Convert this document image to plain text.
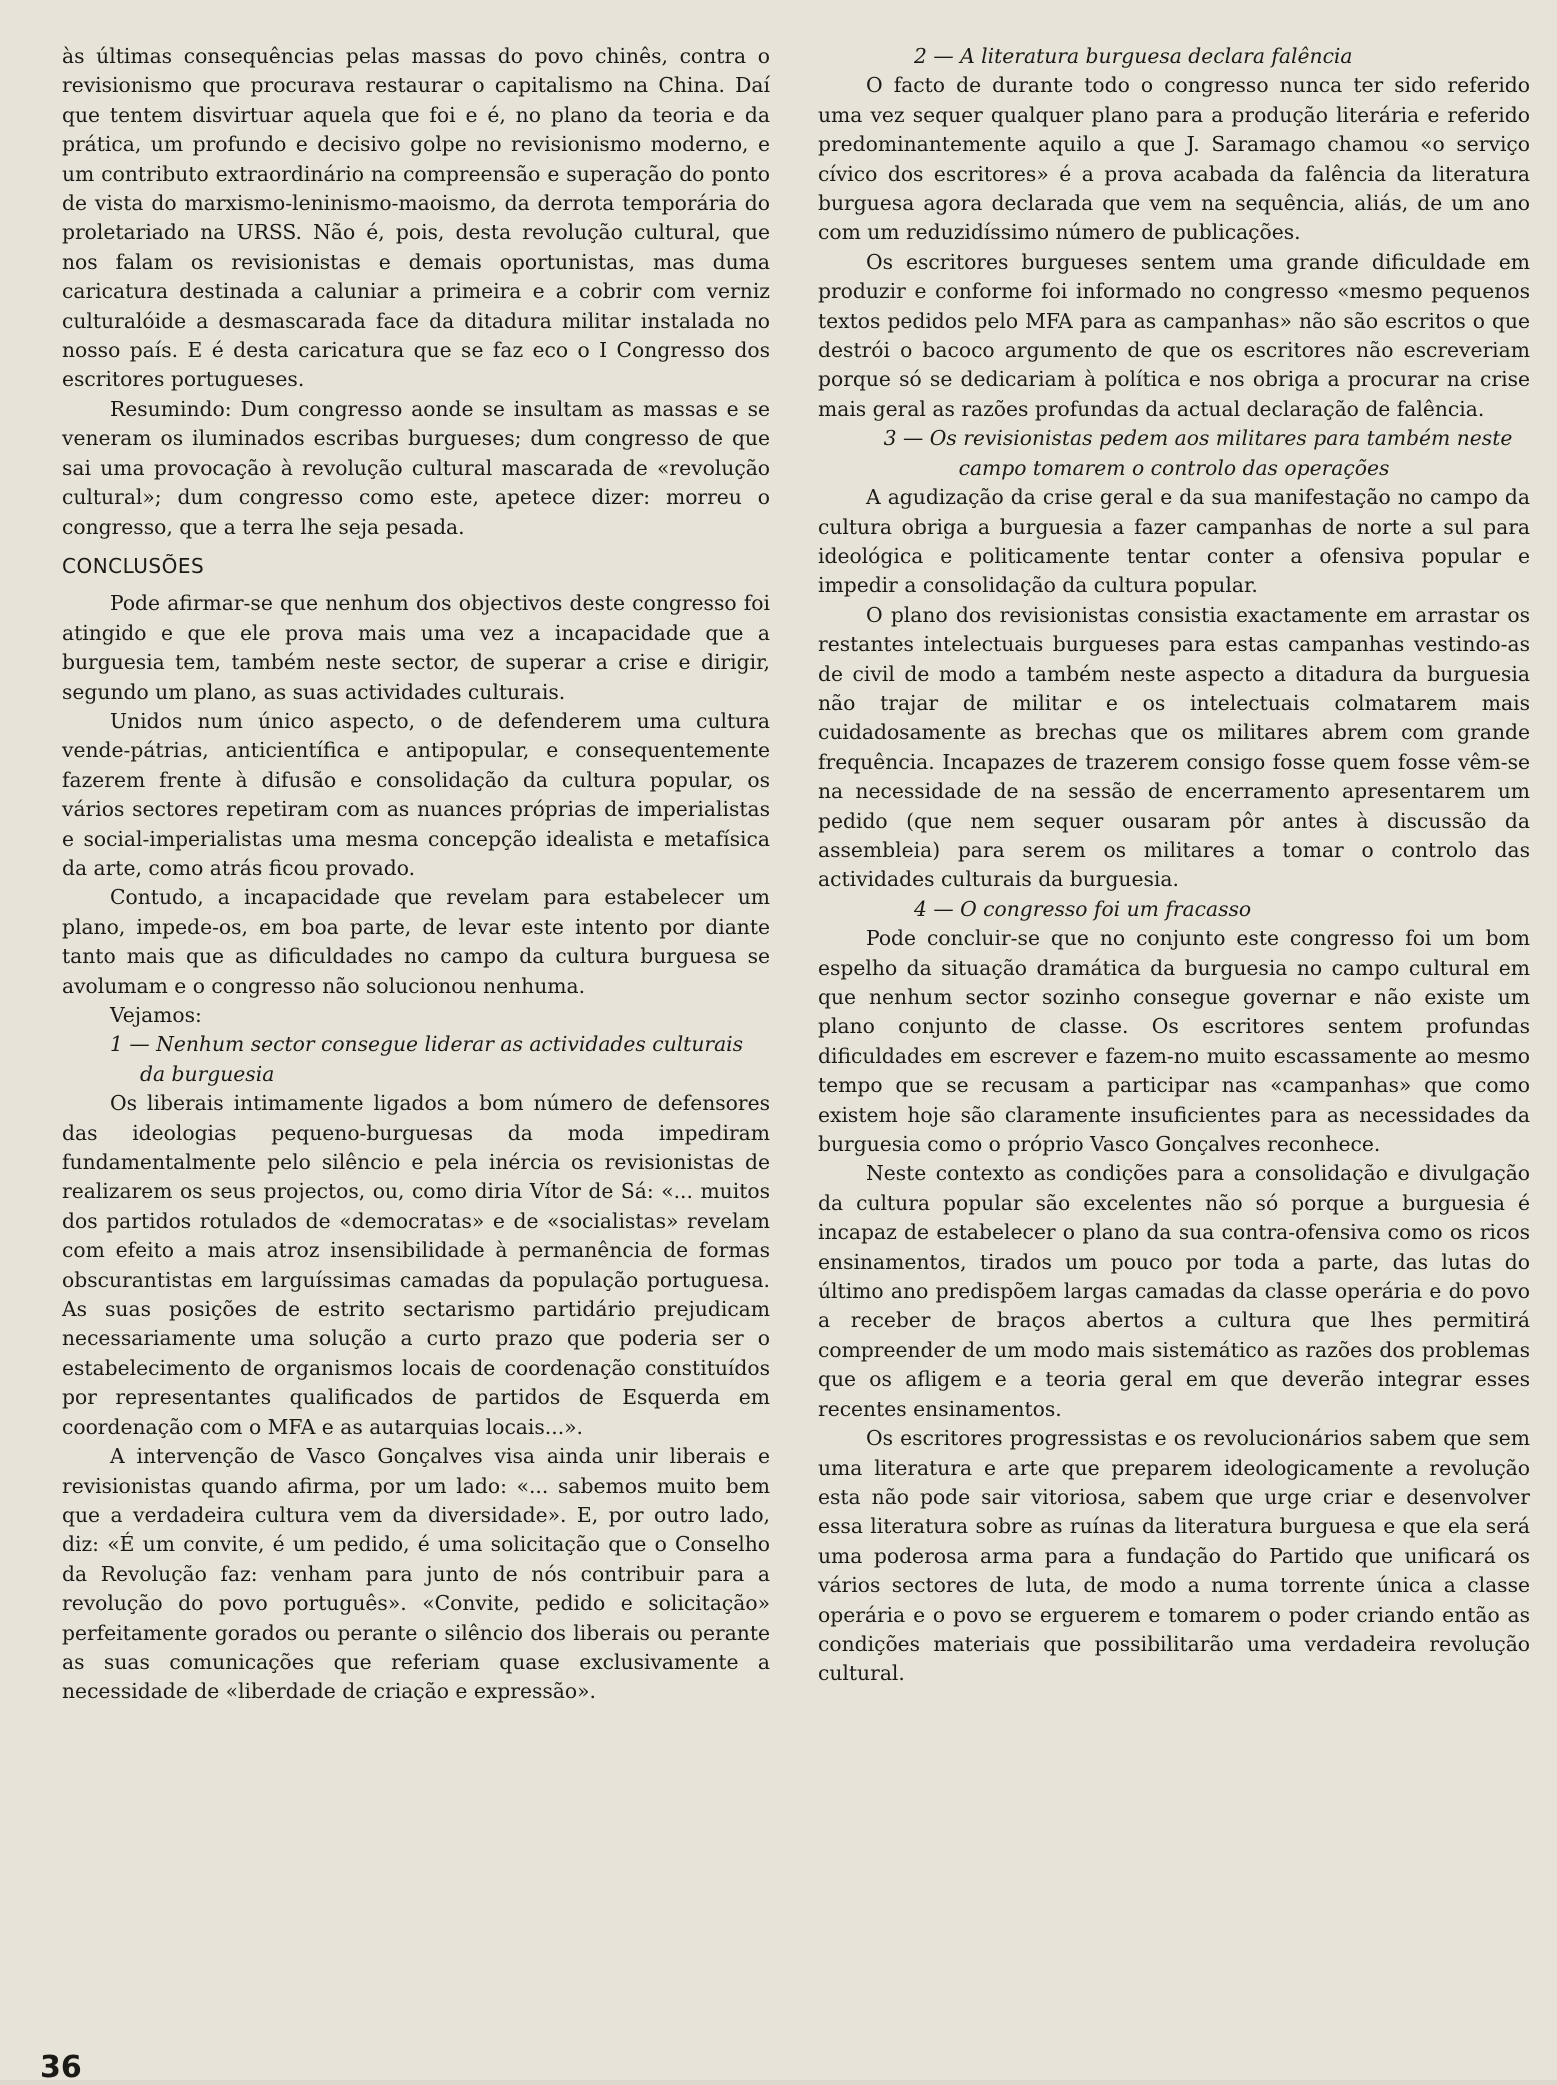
às últimas consequências pelas massas do povo chinês, contra o revisionismo que procurava restaurar o capitalismo na China. Daí que tentem disvirtuar aquela que foi e é, no plano da teoria e da prática, um profundo e decisivo golpe no revisionismo moderno, e um contributo extraordinário na compreensão e superação do ponto de vista do marxismo-leninismo-maoismo, da derrota temporária do proletariado na URSS. Não é, pois, desta revolução cultural, que nos falam os revisionistas e demais oportunistas, mas duma caricatura destinada a caluniar a primeira e a cobrir com verniz culturalóide a desmascarada face da ditadura militar instalada no nosso país. E é desta caricatura que se faz eco o I Congresso dos escritores portugueses.

Resumindo: Dum congresso aonde se insultam as massas e se veneram os iluminados escribas burgueses; dum congresso de que sai uma provocação à revolução cultural mascarada de «revolução cultural»; dum congresso como este, apetece dizer: morreu o congresso, que a terra lhe seja pesada.

CONCLUSÕES

Pode afirmar-se que nenhum dos objectivos deste congresso foi atingido e que ele prova mais uma vez a incapacidade que a burguesia tem, também neste sector, de superar a crise e dirigir, segundo um plano, as suas actividades culturais.

Unidos num único aspecto, o de defenderem uma cultura vende-pátrias, anticientífica e antipopular, e consequentemente fazerem frente à difusão e consolidação da cultura popular, os vários sectores repetiram com as nuances próprias de imperialistas e social-imperialistas uma mesma concepção idealista e metafísica da arte, como atrás ficou provado.

Contudo, a incapacidade que revelam para estabelecer um plano, impede-os, em boa parte, de levar este intento por diante tanto mais que as dificuldades no campo da cultura burguesa se avolumam e o congresso não solucionou nenhuma.

Vejamos:

1 — Nenhum sector consegue liderar as actividades culturais da burguesia

Os liberais intimamente ligados a bom número de defensores das ideologias pequeno-burguesas da moda impediram fundamentalmente pelo silêncio e pela inércia os revisionistas de realizarem os seus projectos, ou, como diria Vítor de Sá: «... muitos dos partidos rotulados de «democratas» e de «socialistas» revelam com efeito a mais atroz insensibilidade à permanência de formas obscurantistas em larguíssimas camadas da população portuguesa. As suas posições de estrito sectarismo partidário prejudicam necessariamente uma solução a curto prazo que poderia ser o estabelecimento de organismos locais de coordenação constituídos por representantes qualificados de partidos de Esquerda em coordenação com o MFA e as autarquias locais...».

A intervenção de Vasco Gonçalves visa ainda unir liberais e revisionistas quando afirma, por um lado: «... sabemos muito bem que a verdadeira cultura vem da diversidade». E, por outro lado, diz: «É um convite, é um pedido, é uma solicitação que o Conselho da Revolução faz: venham para junto de nós contribuir para a revolução do povo português». «Convite, pedido e solicitação» perfeitamente gorados ou perante o silêncio dos liberais ou perante as suas comunicações que referiam quase exclusivamente a necessidade de «liberdade de criação e expressão».

2 — A literatura burguesa declara falência

O facto de durante todo o congresso nunca ter sido referido uma vez sequer qualquer plano para a produção literária e referido predominantemente aquilo a que J. Saramago chamou «o serviço cívico dos escritores» é a prova acabada da falência da literatura burguesa agora declarada que vem na sequência, aliás, de um ano com um reduzidíssimo número de publicações.

Os escritores burgueses sentem uma grande dificuldade em produzir e conforme foi informado no congresso «mesmo pequenos textos pedidos pelo MFA para as campanhas» não são escritos o que destrói o bacoco argumento de que os escritores não escreveriam porque só se dedicariam à política e nos obriga a procurar na crise mais geral as razões profundas da actual declaração de falência.

3 — Os revisionistas pedem aos militares para também neste campo tomarem o controlo das operações

A agudização da crise geral e da sua manifestação no campo da cultura obriga a burguesia a fazer campanhas de norte a sul para ideológica e politicamente tentar conter a ofensiva popular e impedir a consolidação da cultura popular.

O plano dos revisionistas consistia exactamente em arrastar os restantes intelectuais burgueses para estas campanhas vestindo-as de civil de modo a também neste aspecto a ditadura da burguesia não trajar de militar e os intelectuais colmatarem mais cuidadosamente as brechas que os militares abrem com grande frequência. Incapazes de trazerem consigo fosse quem fosse vêm-se na necessidade de na sessão de encerramento apresentarem um pedido (que nem sequer ousaram pôr antes à discussão da assembleia) para serem os militares a tomar o controlo das actividades culturais da burguesia.

4 — O congresso foi um fracasso

Pode concluir-se que no conjunto este congresso foi um bom espelho da situação dramática da burguesia no campo cultural em que nenhum sector sozinho consegue governar e não existe um plano conjunto de classe. Os escritores sentem profundas dificuldades em escrever e fazem-no muito escassamente ao mesmo tempo que se recusam a participar nas «campanhas» que como existem hoje são claramente insuficientes para as necessidades da burguesia como o próprio Vasco Gonçalves reconhece.

Neste contexto as condições para a consolidação e divulgação da cultura popular são excelentes não só porque a burguesia é incapaz de estabelecer o plano da sua contra-ofensiva como os ricos ensinamentos, tirados um pouco por toda a parte, das lutas do último ano predispõem largas camadas da classe operária e do povo a receber de braços abertos a cultura que lhes permitirá compreender de um modo mais sistemático as razões dos problemas que os afligem e a teoria geral em que deverão integrar esses recentes ensinamentos.

Os escritores progressistas e os revolucionários sabem que sem uma literatura e arte que preparem ideologicamente a revolução esta não pode sair vitoriosa, sabem que urge criar e desenvolver essa literatura sobre as ruínas da literatura burguesa e que ela será uma poderosa arma para a fundação do Partido que unificará os vários sectores de luta, de modo a numa torrente única a classe operária e o povo se erguerem e tomarem o poder criando então as condições materiais que possibilitarão uma verdadeira revolução cultural.

36
